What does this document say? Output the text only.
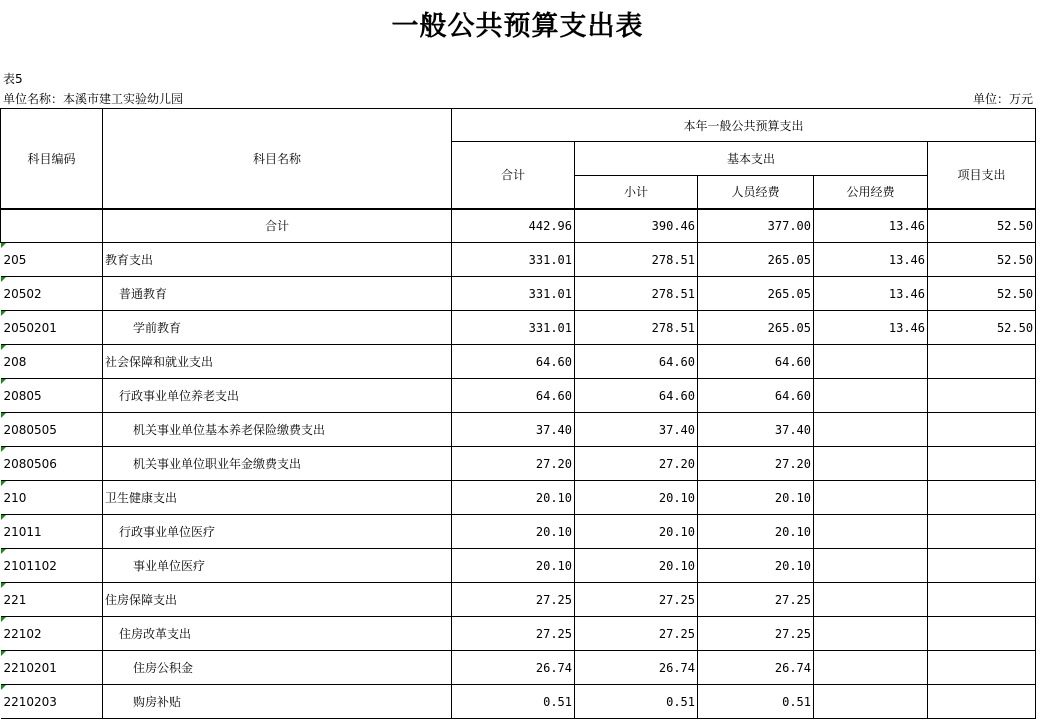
一般公共预算支出表
表5
单位名称：本溪市建工实验幼儿园	单位：万元
科目编码	科目名称	本年一般公共预算支出				
		合计	基本支出			项目支出
			小计	人员经费	公用经费	
	合计	442.96	390.46	377.00	13.46	52.50
205	教育支出	331.01	278.51	265.05	13.46	52.50
20502	普通教育	331.01	278.51	265.05	13.46	52.50
2050201	学前教育	331.01	278.51	265.05	13.46	52.50
208	社会保障和就业支出	64.60	64.60	64.60		
20805	行政事业单位养老支出	64.60	64.60	64.60		
2080505	机关事业单位基本养老保险缴费支出	37.40	37.40	37.40		
2080506	机关事业单位职业年金缴费支出	27.20	27.20	27.20		
210	卫生健康支出	20.10	20.10	20.10		
21011	行政事业单位医疗	20.10	20.10	20.10		
2101102	事业单位医疗	20.10	20.10	20.10		
221	住房保障支出	27.25	27.25	27.25		
22102	住房改革支出	27.25	27.25	27.25		
2210201	住房公积金	26.74	26.74	26.74		
2210203	购房补贴	0.51	0.51	0.51		
